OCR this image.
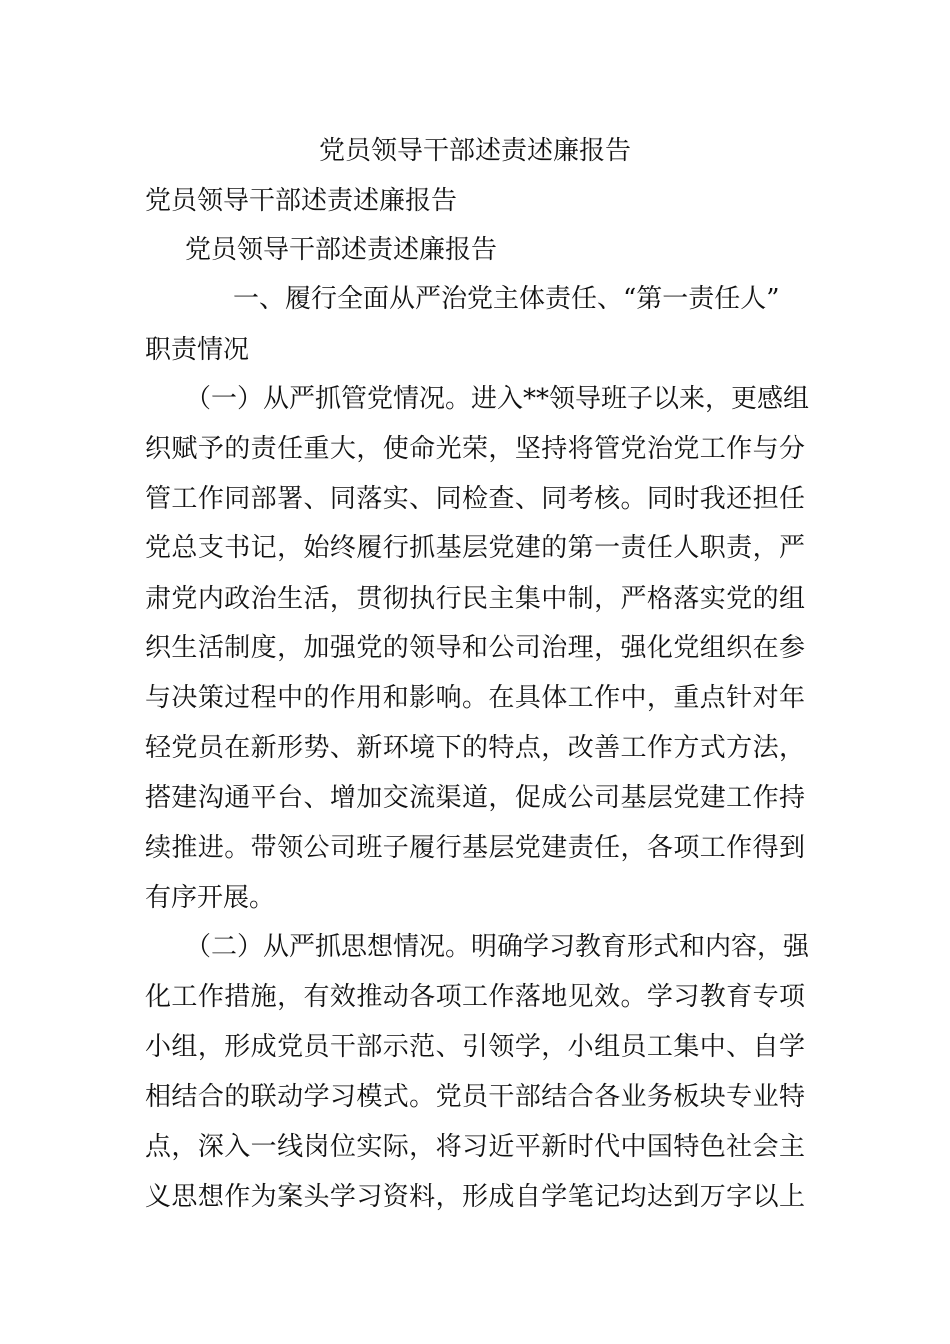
党员领导干部述责述廉报告
党员领导干部述责述廉报告
党员领导干部述责述廉报告
一、履行全面从严治党主体责任、“第一责任人”
职责情况
（一）从严抓管党情况。进入**领导班子以来，更感组
织赋予的责任重大，使命光荣，坚持将管党治党工作与分
管工作同部署、同落实、同检查、同考核。同时我还担任
党总支书记，始终履行抓基层党建的第一责任人职责，严
肃党内政治生活，贯彻执行民主集中制，严格落实党的组
织生活制度，加强党的领导和公司治理，强化党组织在参
与决策过程中的作用和影响。在具体工作中，重点针对年
轻党员在新形势、新环境下的特点，改善工作方式方法，
搭建沟通平台、增加交流渠道，促成公司基层党建工作持
续推进。带领公司班子履行基层党建责任，各项工作得到
有序开展。
（二）从严抓思想情况。明确学习教育形式和内容，强
化工作措施，有效推动各项工作落地见效。学习教育专项
小组，形成党员干部示范、引领学，小组员工集中、自学
相结合的联动学习模式。党员干部结合各业务板块专业特
点，深入一线岗位实际，将习近平新时代中国特色社会主
义思想作为案头学习资料，形成自学笔记均达到万字以上
